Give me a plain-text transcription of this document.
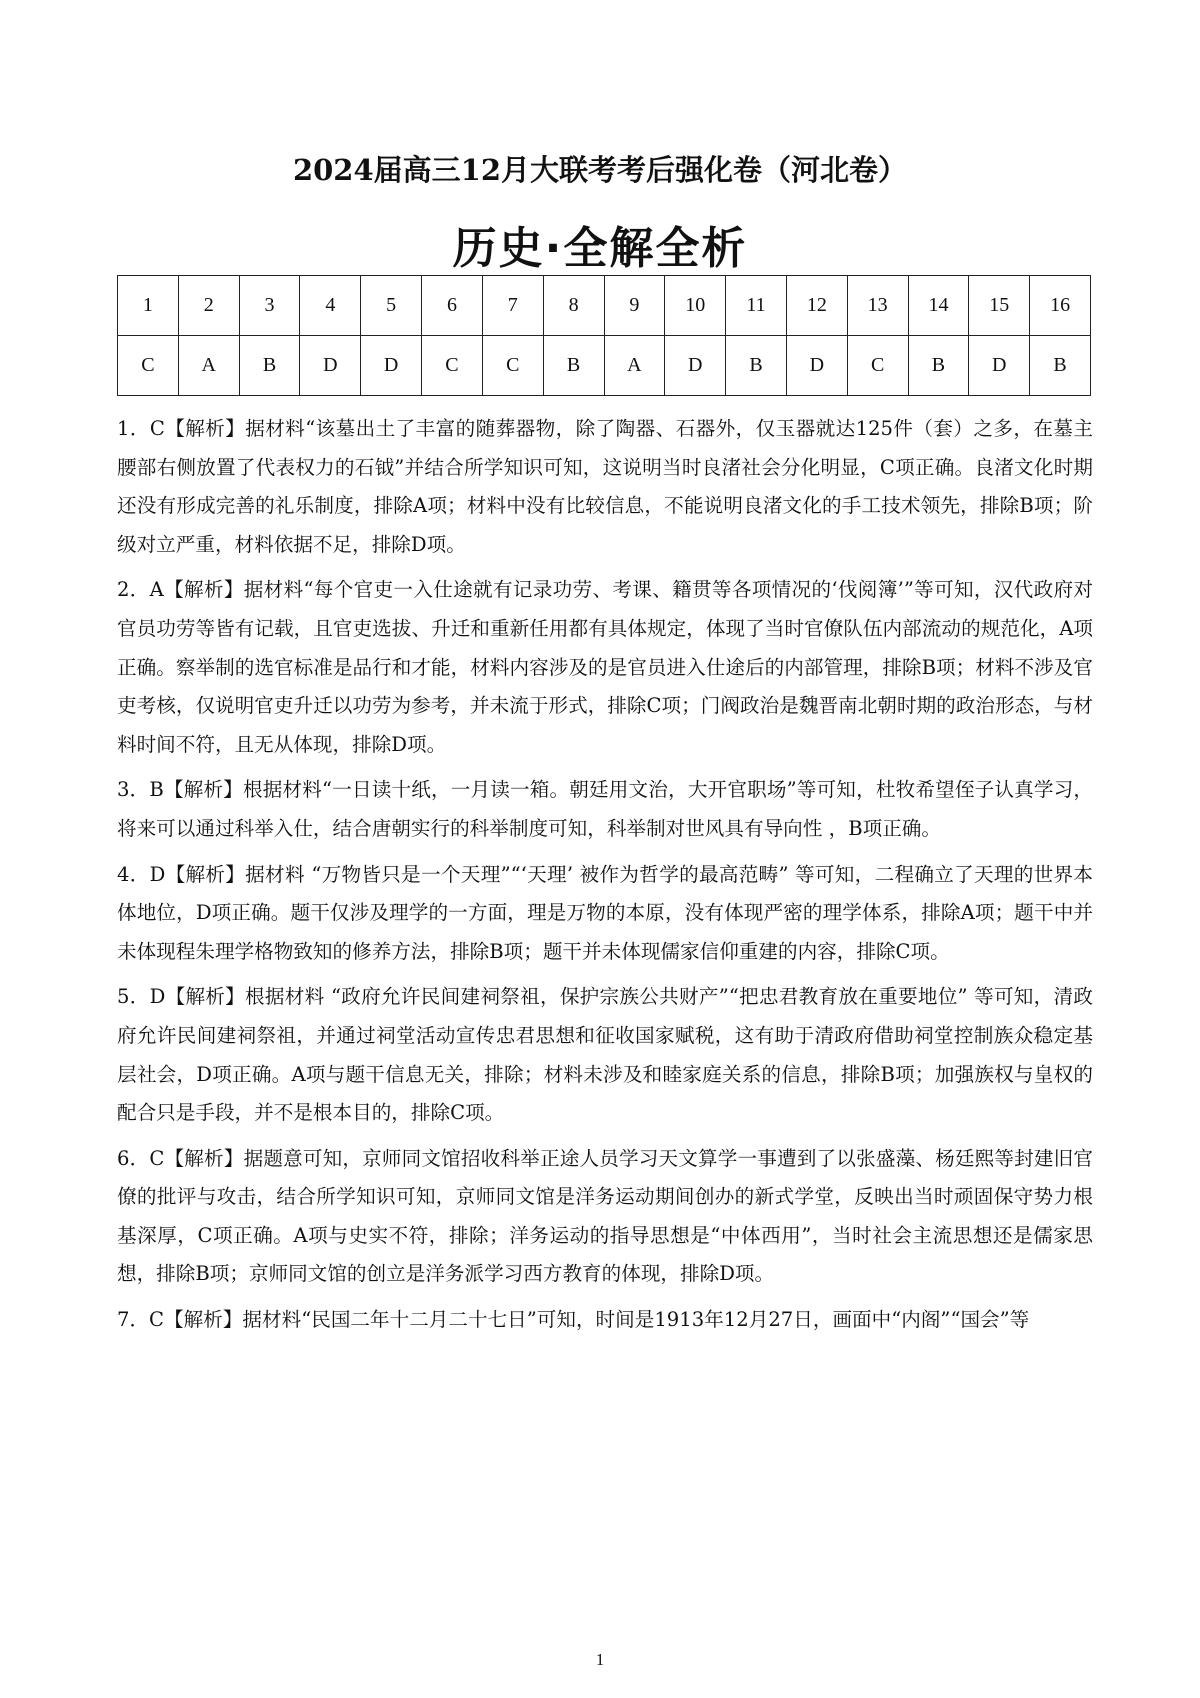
2024届高三12月大联考考后强化卷（河北卷）
历史·全解全析
1	2	3	4	5	6	7	8	9	10	11	12	13	14	15	16
C	A	B	D	D	C	C	B	A	D	B	D	C	B	D	B

1．C【解析】据材料“该墓出土了丰富的随葬器物，除了陶器、石器外，仅玉器就达125件（套）之多，在墓主腰部右侧放置了代表权力的石钺”并结合所学知识可知，这说明当时良渚社会分化明显，C项正确。良渚文化时期还没有形成完善的礼乐制度，排除A项；材料中没有比较信息，不能说明良渚文化的手工技术领先，排除B项；阶级对立严重，材料依据不足，排除D项。

2．A【解析】据材料“每个官吏一入仕途就有记录功劳、考课、籍贯等各项情况的‘伐阅簿’”等可知，汉代政府对官员功劳等皆有记载，且官吏选拔、升迁和重新任用都有具体规定，体现了当时官僚队伍内部流动的规范化，A项正确。察举制的选官标准是品行和才能，材料内容涉及的是官员进入仕途后的内部管理，排除B项；材料不涉及官吏考核，仅说明官吏升迁以功劳为参考，并未流于形式，排除C项；门阀政治是魏晋南北朝时期的政治形态，与材料时间不符，且无从体现，排除D项。

3．B【解析】根据材料“一日读十纸，一月读一箱。朝廷用文治，大开官职场”等可知，杜牧希望侄子认真学习，将来可以通过科举入仕，结合唐朝实行的科举制度可知，科举制对世风具有导向性 ，B项正确。

4．D【解析】据材料 “万物皆只是一个天理”“‘天理’ 被作为哲学的最高范畴” 等可知，二程确立了天理的世界本体地位，D项正确。题干仅涉及理学的一方面，理是万物的本原，没有体现严密的理学体系，排除A项；题干中并未体现程朱理学格物致知的修养方法，排除B项；题干并未体现儒家信仰重建的内容，排除C项。

5．D【解析】根据材料 “政府允许民间建祠祭祖，保护宗族公共财产”“把忠君教育放在重要地位” 等可知，清政府允许民间建祠祭祖，并通过祠堂活动宣传忠君思想和征收国家赋税，这有助于清政府借助祠堂控制族众稳定基层社会，D项正确。A项与题干信息无关，排除；材料未涉及和睦家庭关系的信息，排除B项；加强族权与皇权的配合只是手段，并不是根本目的，排除C项。

6．C【解析】据题意可知，京师同文馆招收科举正途人员学习天文算学一事遭到了以张盛藻、杨廷熙等封建旧官僚的批评与攻击，结合所学知识可知，京师同文馆是洋务运动期间创办的新式学堂，反映出当时顽固保守势力根基深厚，C项正确。A项与史实不符，排除；洋务运动的指导思想是“中体西用”，当时社会主流思想还是儒家思想，排除B项；京师同文馆的创立是洋务派学习西方教育的体现，排除D项。

7．C【解析】据材料“民国二年十二月二十七日”可知，时间是1913年12月27日，画面中“内阁”“国会”等

1
